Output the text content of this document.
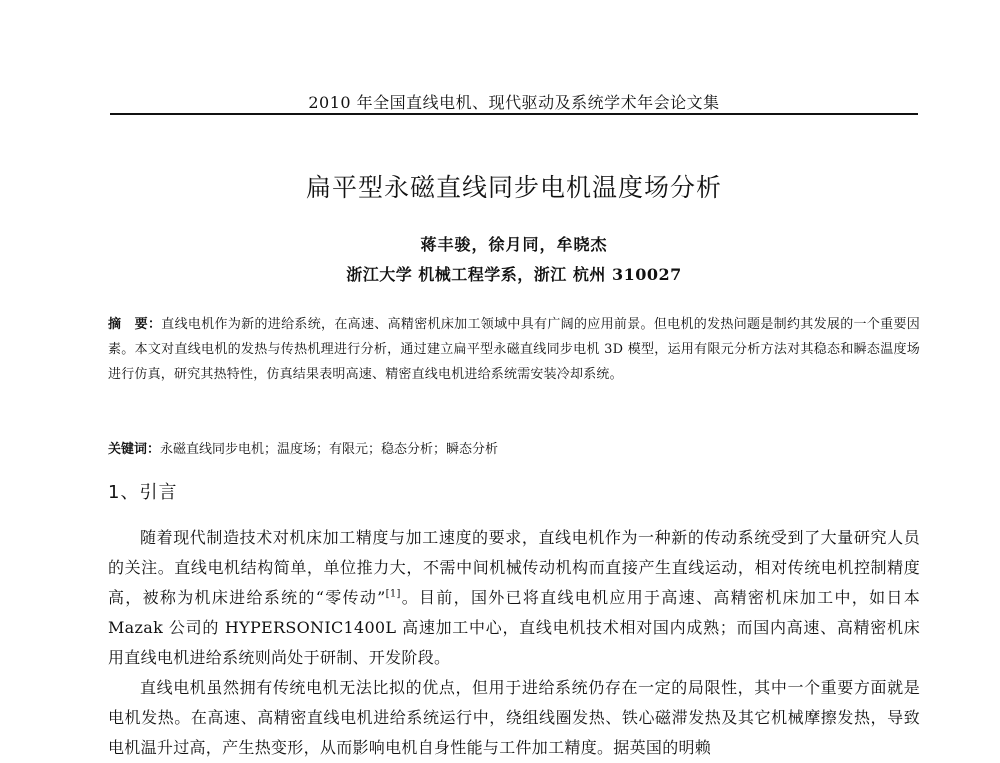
2010 年全国直线电机、现代驱动及系统学术年会论文集
扁平型永磁直线同步电机温度场分析
蒋丰骏，徐月同，牟晓杰
浙江大学 机械工程学系，浙江 杭州 310027
摘　要：直线电机作为新的进给系统，在高速、高精密机床加工领域中具有广阔的应用前景。但电机的发热问题是制约其发展的一个重要因素。本文对直线电机的发热与传热机理进行分析，通过建立扁平型永磁直线同步电机 3D 模型，运用有限元分析方法对其稳态和瞬态温度场进行仿真，研究其热特性，仿真结果表明高速、精密直线电机进给系统需安装冷却系统。
关键词：永磁直线同步电机；温度场；有限元；稳态分析；瞬态分析
1、引言

随着现代制造技术对机床加工精度与加工速度的要求，直线电机作为一种新的传动系统受到了大量研究人员的关注。直线电机结构简单，单位推力大，不需中间机械传动机构而直接产生直线运动，相对传统电机控制精度高，被称为机床进给系统的“零传动”[1]。目前，国外已将直线电机应用于高速、高精密机床加工中，如日本 Mazak 公司的 HYPERSONIC1400L 高速加工中心，直线电机技术相对国内成熟；而国内高速、高精密机床用直线电机进给系统则尚处于研制、开发阶段。

直线电机虽然拥有传统电机无法比拟的优点，但用于进给系统仍存在一定的局限性，其中一个重要方面就是电机发热。在高速、高精密直线电机进给系统运行中，绕组线圈发热、铁心磁滞发热及其它机械摩擦发热，导致电机温升过高，产生热变形，从而影响电机自身性能与工件加工精度。据英国的明赖
